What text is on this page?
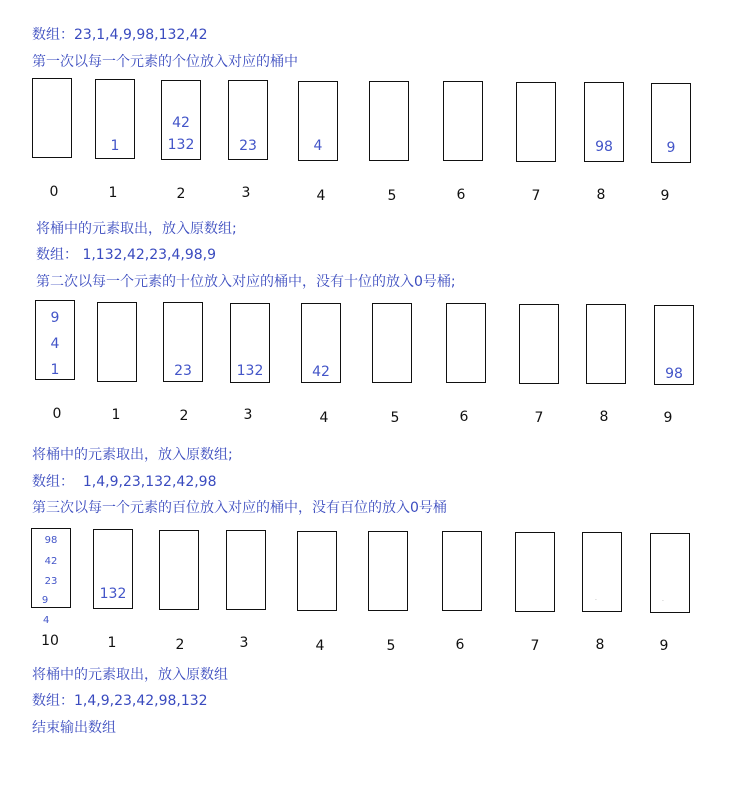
数组：23,1,4,9,98,132,42
第一次以每一个元素的个位放入对应的桶中
1
42
132	23	4	98	9
0	1	2	3	4	5	6	7	8	9
将桶中的元素取出，放入原数组;
数组： 1,132,42,23,4,98,9
第二次以每一个元素的十位放入对应的桶中，没有十位的放入0号桶;
9
4
1	23	132	42	98
0	1	2	3	4	5	6	7	8	9
将桶中的元素取出，放入原数组;
数组：  1,4,9,23,132,42,98
第三次以每一个元素的百位放入对应的桶中，没有百位的放入0号桶
98
42
23
9
4
132	·	·
10	1	2	3	4	5	6	7	8	9
将桶中的元素取出，放入原数组
数组：1,4,9,23,42,98,132
结束输出数组
